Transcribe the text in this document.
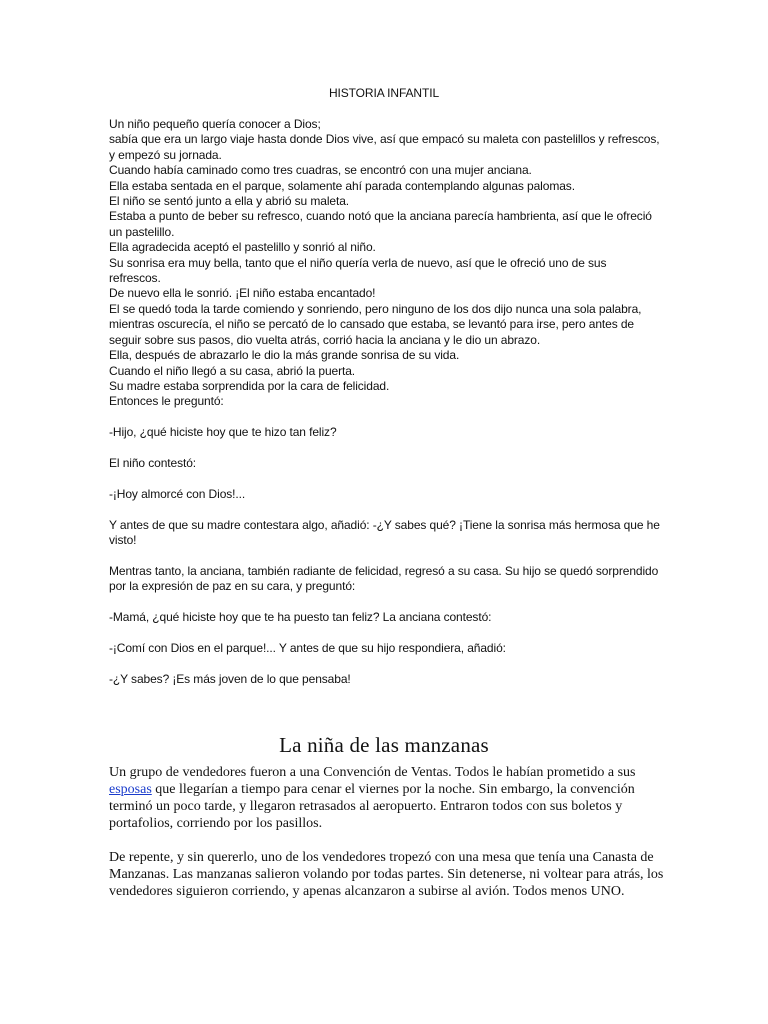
HISTORIA INFANTIL

Un niño pequeño quería conocer a Dios;
sabía que era un largo viaje hasta donde Dios vive, así que empacó su maleta con pastelillos y refrescos,
y empezó su jornada.
Cuando había caminado como tres cuadras, se encontró con una mujer anciana.
Ella estaba sentada en el parque, solamente ahí parada contemplando algunas palomas.
El niño se sentó junto a ella y abrió su maleta.
Estaba a punto de beber su refresco, cuando notó que la anciana parecía hambrienta, así que le ofreció
un pastelillo.
Ella agradecida aceptó el pastelillo y sonrió al niño.
Su sonrisa era muy bella, tanto que el niño quería verla de nuevo, así que le ofreció uno de sus
refrescos.
De nuevo ella le sonrió. ¡El niño estaba encantado!
El se quedó toda la tarde comiendo y sonriendo, pero ninguno de los dos dijo nunca una sola palabra,
mientras oscurecía, el niño se percató de lo cansado que estaba, se levantó para irse, pero antes de
seguir sobre sus pasos, dio vuelta atrás, corrió hacia la anciana y le dio un abrazo.
Ella, después de abrazarlo le dio la más grande sonrisa de su vida.
Cuando el niño llegó a su casa, abrió la puerta.
Su madre estaba sorprendida por la cara de felicidad.
Entonces le preguntó:

-Hijo, ¿qué hiciste hoy que te hizo tan feliz?

El niño contestó:

-¡Hoy almorcé con Dios!...

Y antes de que su madre contestara algo, añadió: -¿Y sabes qué? ¡Tiene la sonrisa más hermosa que he visto!

Mentras tanto, la anciana, también radiante de felicidad, regresó a su casa. Su hijo se quedó sorprendido por la expresión de paz en su cara, y preguntó:

-Mamá, ¿qué hiciste hoy que te ha puesto tan feliz? La anciana contestó:

-¡Comí con Dios en el parque!... Y antes de que su hijo respondiera, añadió:

-¿Y sabes? ¡Es más joven de lo que pensaba!

La niña de las manzanas

Un grupo de vendedores fueron a una Convención de Ventas. Todos le habían prometido a sus esposas que llegarían a tiempo para cenar el viernes por la noche. Sin embargo, la convención terminó un poco tarde, y llegaron retrasados al aeropuerto. Entraron todos con sus boletos y portafolios, corriendo por los pasillos.

De repente, y sin quererlo, uno de los vendedores tropezó con una mesa que tenía una Canasta de Manzanas. Las manzanas salieron volando por todas partes. Sin detenerse, ni voltear para atrás, los vendedores siguieron corriendo, y apenas alcanzaron a subirse al avión. Todos menos UNO.
